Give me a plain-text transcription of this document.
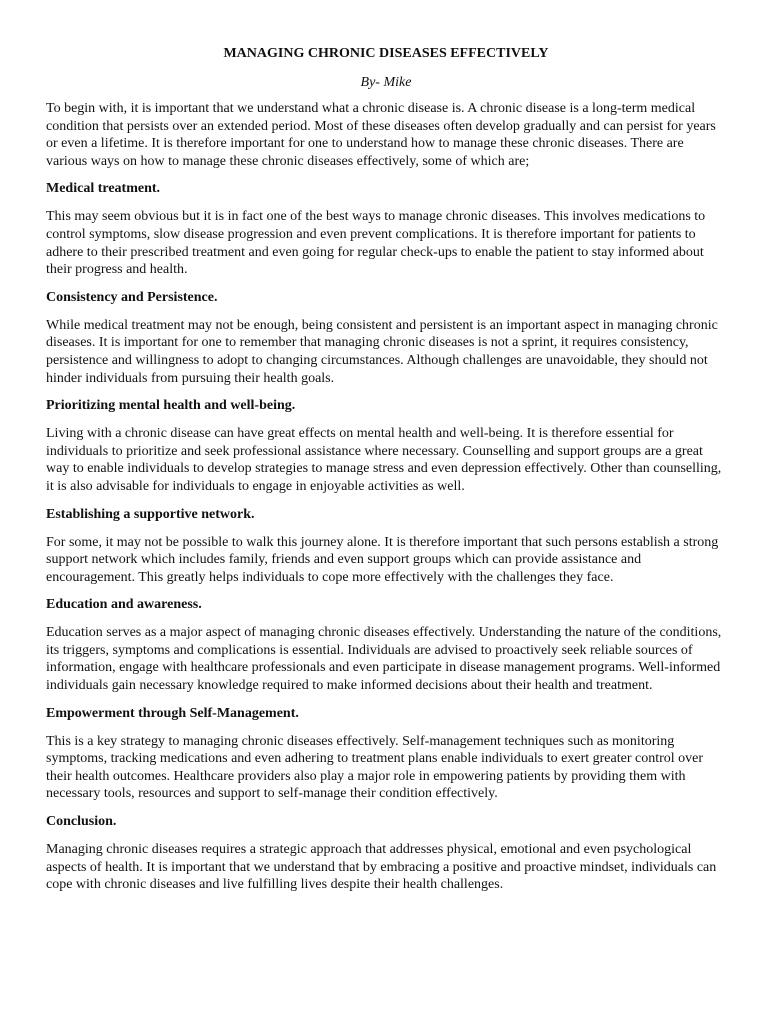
MANAGING CHRONIC DISEASES EFFECTIVELY
By- Mike

To begin with, it is important that we understand what a chronic disease is. A chronic disease is a long-term medical condition that persists over an extended period. Most of these diseases often develop gradually and can persist for years or even a lifetime. It is therefore important for one to understand how to manage these chronic diseases. There are various ways on how to manage these chronic diseases effectively, some of which are;

Medical treatment.

This may seem obvious but it is in fact one of the best ways to manage chronic diseases. This involves medications to control symptoms, slow disease progression and even prevent complications. It is therefore important for patients to adhere to their prescribed treatment and even going for regular check-ups to enable the patient to stay informed about their progress and health.

Consistency and Persistence.

While medical treatment may not be enough, being consistent and persistent is an important aspect in managing chronic diseases. It is important for one to remember that managing chronic diseases is not a sprint, it requires consistency, persistence and willingness to adopt to changing circumstances. Although challenges are unavoidable, they should not hinder individuals from pursuing their health goals.

Prioritizing mental health and well-being.

Living with a chronic disease can have great effects on mental health and well-being. It is therefore essential for individuals to prioritize and seek professional assistance where necessary. Counselling and support groups are a great way to enable individuals to develop strategies to manage stress and even depression effectively. Other than counselling, it is also advisable for individuals to engage in enjoyable activities as well.

Establishing a supportive network.

For some, it may not be possible to walk this journey alone. It is therefore important that such persons establish a strong support network which includes family, friends and even support groups which can provide assistance and encouragement. This greatly helps individuals to cope more effectively with the challenges they face.

Education and awareness.

Education serves as a major aspect of managing chronic diseases effectively. Understanding the nature of the conditions, its triggers, symptoms and complications is essential. Individuals are advised to proactively seek reliable sources of information, engage with healthcare professionals and even participate in disease management programs. Well-informed individuals gain necessary knowledge required to make informed decisions about their health and treatment.

Empowerment through Self-Management.

This is a key strategy to managing chronic diseases effectively. Self-management techniques such as monitoring symptoms, tracking medications and even adhering to treatment plans enable individuals to exert greater control over their health outcomes. Healthcare providers also play a major role in empowering patients by providing them with necessary tools, resources and support to self-manage their condition effectively.

Conclusion.

Managing chronic diseases requires a strategic approach that addresses physical, emotional and even psychological aspects of health. It is important that we understand that by embracing a positive and proactive mindset, individuals can cope with chronic diseases and live fulfilling lives despite their health challenges.
